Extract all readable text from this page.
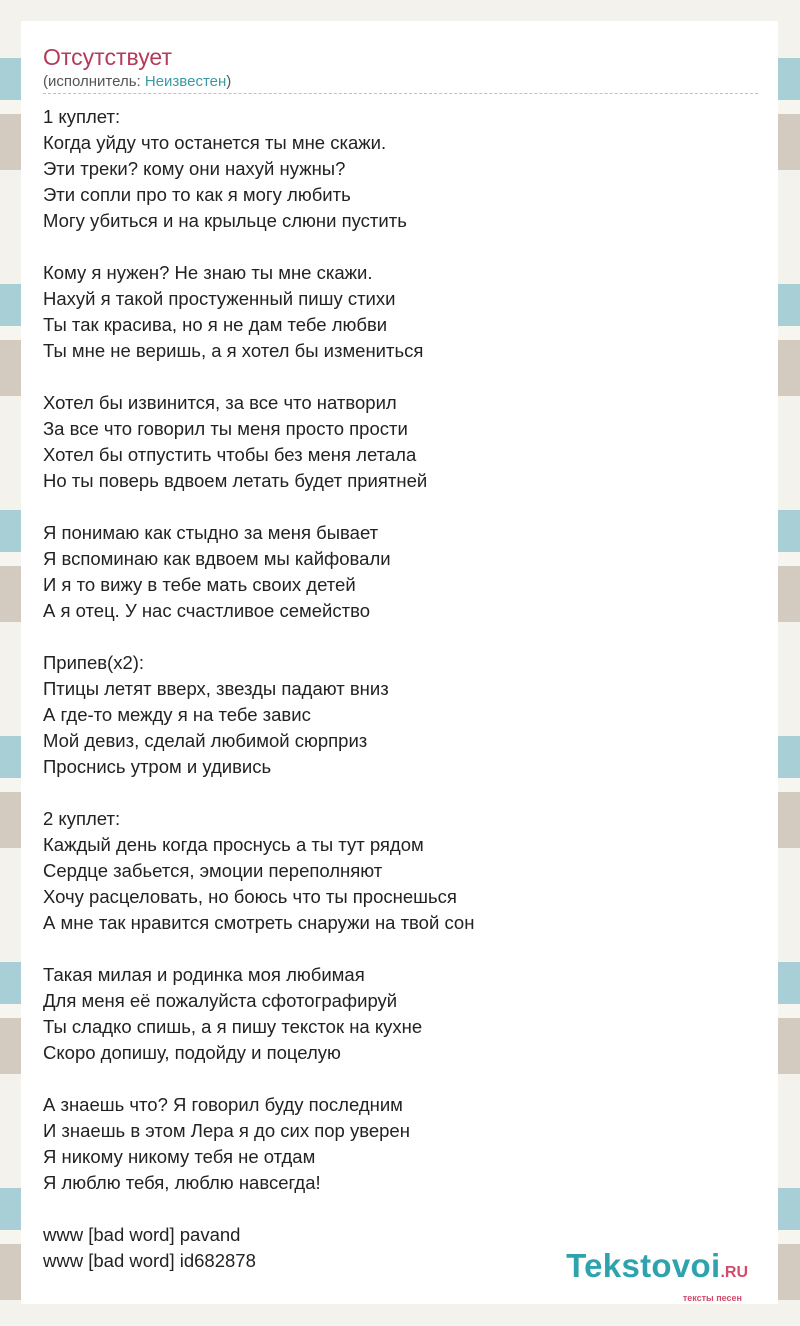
Отсутствует
(исполнитель: Неизвестен)
1 куплет:
Когда уйду что останется ты мне скажи.
Эти треки? кому они нахуй нужны?
Эти сопли про то как я могу любить
Могу убиться и на крыльце слюни пустить
Кому я нужен? Не знаю ты мне скажи.
Нахуй я такой простуженный пишу стихи
Ты так красива, но я не дам тебе любви
Ты мне не веришь, а я хотел бы измениться
Хотел бы извинится, за все что натворил
За все что говорил ты меня просто прости
Хотел бы отпустить чтобы без меня летала
Но ты поверь вдвоем летать будет приятней
Я понимаю как стыдно за меня бывает
Я вспоминаю как вдвоем мы кайфовали
И я то вижу в тебе мать своих детей
А я отец. У нас счастливое семейство
Припев(x2):
Птицы летят вверх, звезды падают вниз
А где-то между я на тебе завис
Мой девиз, сделай любимой сюрприз
Проснись утром и удивись
2 куплет:
Каждый день когда проснусь а ты тут рядом
Сердце забьется, эмоции переполняют
Хочу расцеловать, но боюсь что ты проснешься
А мне так нравится смотреть снаружи на твой сон
Такая милая и родинка моя любимая
Для меня её пожалуйста сфотографируй
Ты сладко спишь, а я пишу тексток на кухне
Скоро допишу, подойду и поцелую
А знаешь что? Я говорил буду последним
И знаешь в этом Лера я до сих пор уверен
Я никому никому тебя не отдам
Я люблю тебя, люблю навсегда!
www [bad word] pavand
www [bad word] id682878	Tekstovoi.RU
тексты песен
